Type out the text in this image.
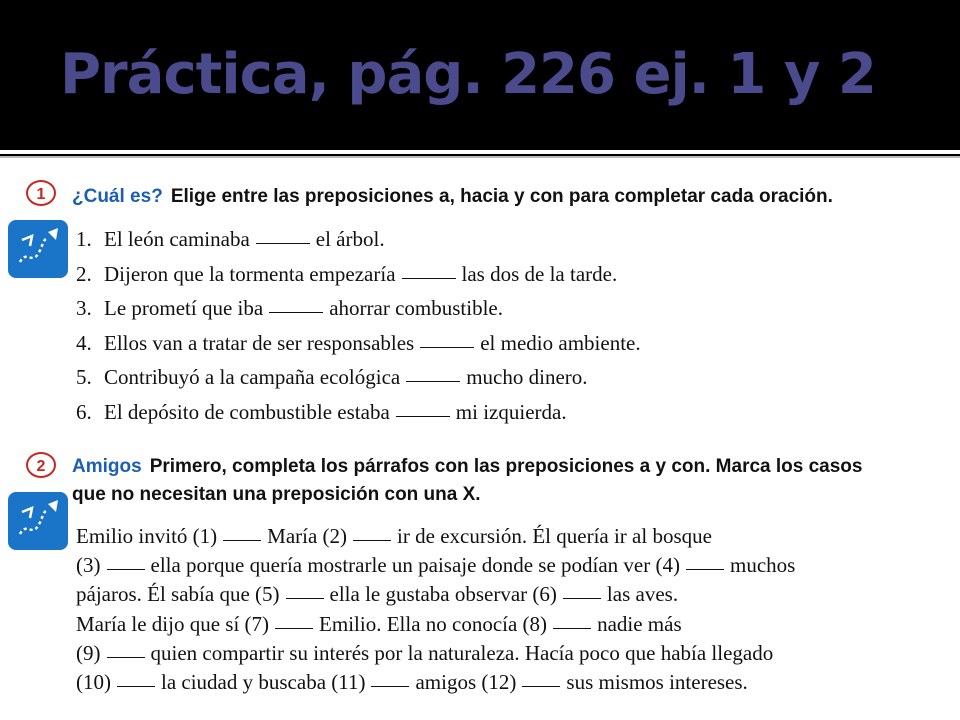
Práctica, pág. 226 ej. 1 y 2
1	¿Cuál es? Elige entre las preposiciones a, hacia y con para completar cada oración.
1. El león caminaba	el árbol.
2. Dijeron que la tormenta empezaría	las dos de la tarde.
3. Le prometí que iba	ahorrar combustible.
4. Ellos van a tratar de ser responsables	el medio ambiente.
5. Contribuyó a la campaña ecológica	mucho dinero.
6. El depósito de combustible estaba	mi izquierda.
2	Amigos Primero, completa los párrafos con las preposiciones a y con. Marca los casos
que no necesitan una preposición con una X.
Emilio invitó (1) María (2) ir de excursión. Él quería ir al bosque
(3) ella porque quería mostrarle un paisaje donde se podían ver (4) muchos
pájaros. Él sabía que (5) ella le gustaba observar (6) las aves.
María le dijo que sí (7) Emilio. Ella no conocía (8) nadie más
(9) quien compartir su interés por la naturaleza. Hacía poco que había llegado
(10) la ciudad y buscaba (11) amigos (12) sus mismos intereses.
